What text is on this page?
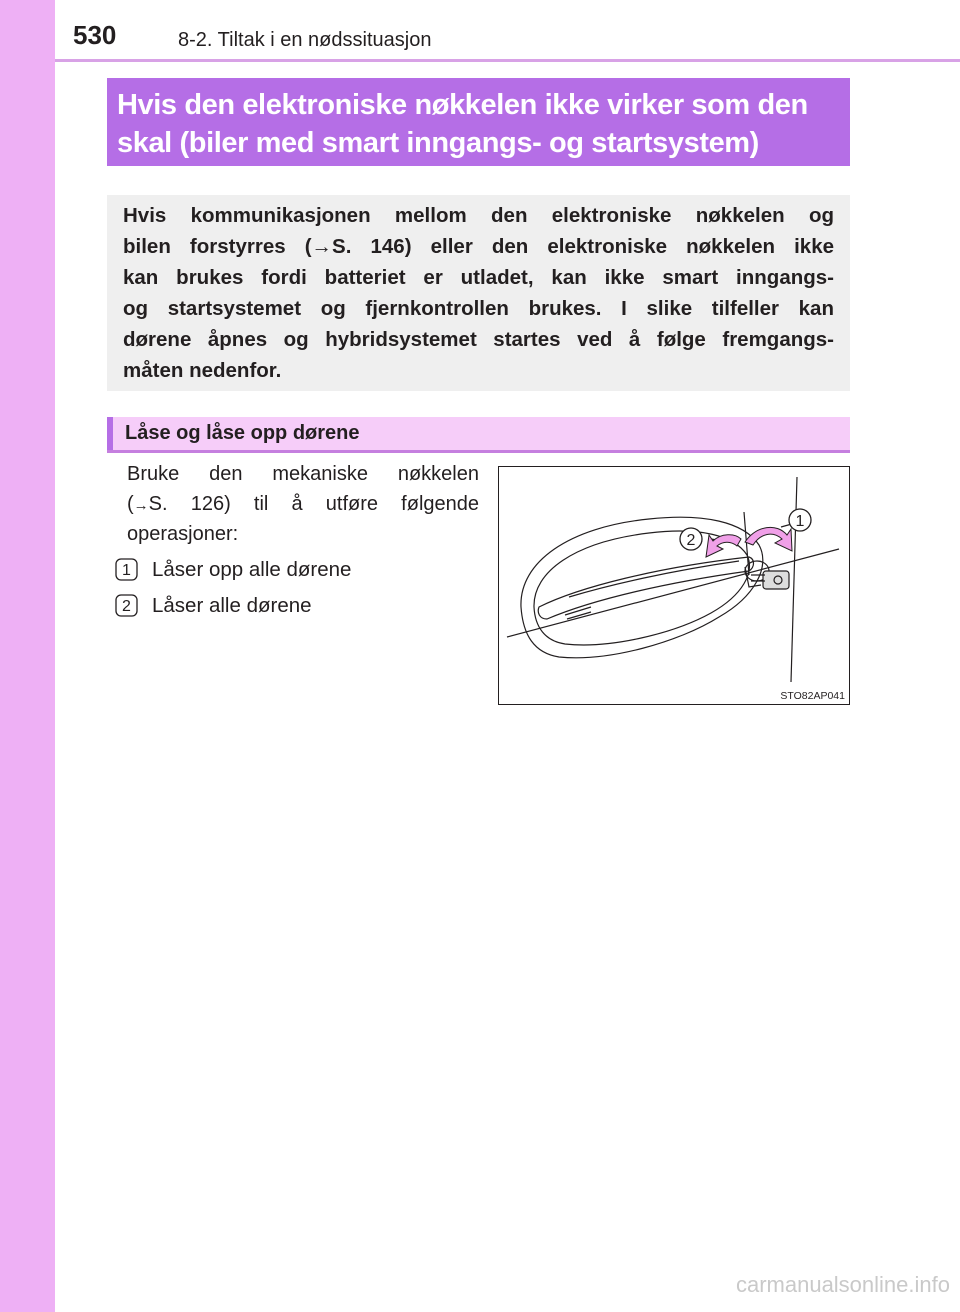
530	8-2. Tiltak i en nødssituasjon
Hvis den elektroniske nøkkelen ikke virker som den
skal (biler med smart inngangs- og startsystem)
Hvis kommunikasjonen mellom den elektroniske nøkkelen og
bilen forstyrres (→S. 146) eller den elektroniske nøkkelen ikke
kan brukes fordi batteriet er utladet, kan ikke smart inngangs-
og startsystemet og fjernkontrollen brukes. I slike tilfeller kan
dørene åpnes og hybridsystemet startes ved å følge fremgangs-
måten nedenfor.
Låse og låse opp dørene
Bruke den mekaniske nøkkelen
(→S. 126) til å utføre følgende
operasjoner:
1 Låser opp alle dørene
2 Låser alle dørene
1
2
STO82AP041
carmanualsonline.info
